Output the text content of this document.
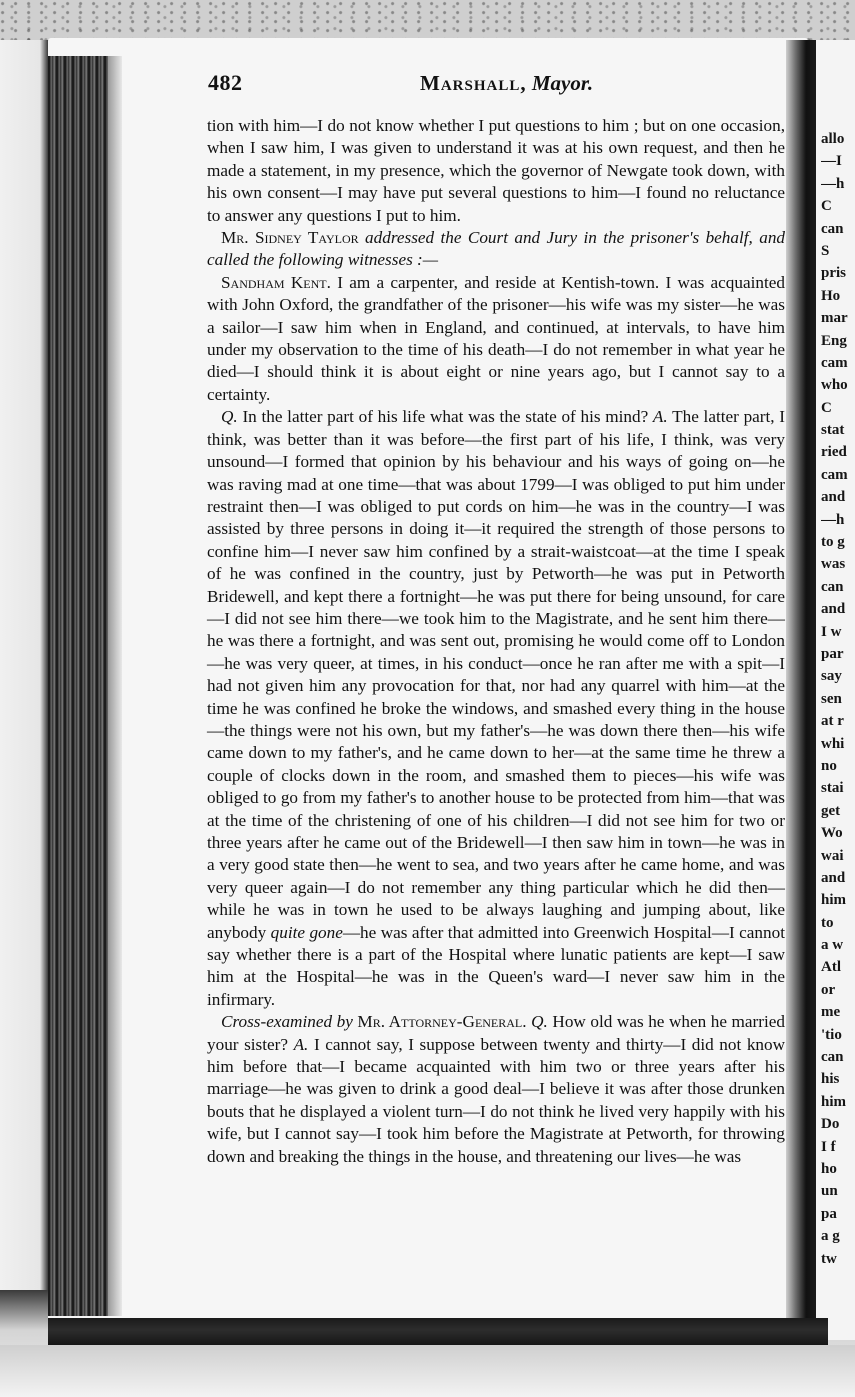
482	Marshall, Mayor.

tion with him—I do not know whether I put questions to him ; but on one occasion, when I saw him, I was given to understand it was at his own request, and then he made a statement, in my presence, which the governor of Newgate took down, with his own consent—I may have put several questions to him—I found no reluctance to answer any questions I put to him.

Mr. Sidney Taylor addressed the Court and Jury in the prisoner's behalf, and called the following witnesses :—

Sandham Kent. I am a carpenter, and reside at Kentish-town. I was acquainted with John Oxford, the grandfather of the prisoner—his wife was my sister—he was a sailor—I saw him when in England, and continued, at intervals, to have him under my observation to the time of his death—I do not remember in what year he died—I should think it is about eight or nine years ago, but I cannot say to a certainty.

Q. In the latter part of his life what was the state of his mind? A. The latter part, I think, was better than it was before—the first part of his life, I think, was very unsound—I formed that opinion by his behaviour and his ways of going on—he was raving mad at one time—that was about 1799—I was obliged to put him under restraint then—I was obliged to put cords on him—he was in the country—I was assisted by three persons in doing it—it required the strength of those persons to confine him—I never saw him confined by a strait-waistcoat—at the time I speak of he was confined in the country, just by Petworth—he was put in Petworth Bridewell, and kept there a fortnight—he was put there for being unsound, for care—I did not see him there—we took him to the Magistrate, and he sent him there—he was there a fortnight, and was sent out, promising he would come off to London—he was very queer, at times, in his conduct—once he ran after me with a spit—I had not given him any provocation for that, nor had any quarrel with him—at the time he was confined he broke the windows, and smashed every thing in the house—the things were not his own, but my father's—he was down there then—his wife came down to my father's, and he came down to her—at the same time he threw a couple of clocks down in the room, and smashed them to pieces—his wife was obliged to go from my father's to another house to be protected from him—that was at the time of the christening of one of his children—I did not see him for two or three years after he came out of the Bridewell—I then saw him in town—he was in a very good state then—he went to sea, and two years after he came home, and was very queer again—I do not remember any thing particular which he did then—while he was in town he used to be always laughing and jumping about, like anybody quite gone—he was after that admitted into Greenwich Hospital—I cannot say whether there is a part of the Hospital where lunatic patients are kept—I saw him at the Hospital—he was in the Queen's ward—I never saw him in the infirmary.

Cross-examined by Mr. Attorney-General. Q. How old was he when he married your sister? A. I cannot say, I suppose between twenty and thirty—I did not know him before that—I became acquainted with him two or three years after his marriage—he was given to drink a good deal—I believe it was after those drunken bouts that he displayed a violent turn—I do not think he lived very happily with his wife, but I cannot say—I took him before the Magistrate at Petworth, for throwing down and breaking the things in the house, and threatening our lives—he was

allo
—I
—h
C
can
S
pris
Ho
mar
Eng
cam
who
C
stat
ried
cam
and
—h
to g
was
can
and
I w
par
say
sen
at r
whi
no
stai
get
Wo
wai
and
him
to
a w
Atl
or
me
'tio
can
his
him
Do
I f
ho
un
pa
a g
tw
